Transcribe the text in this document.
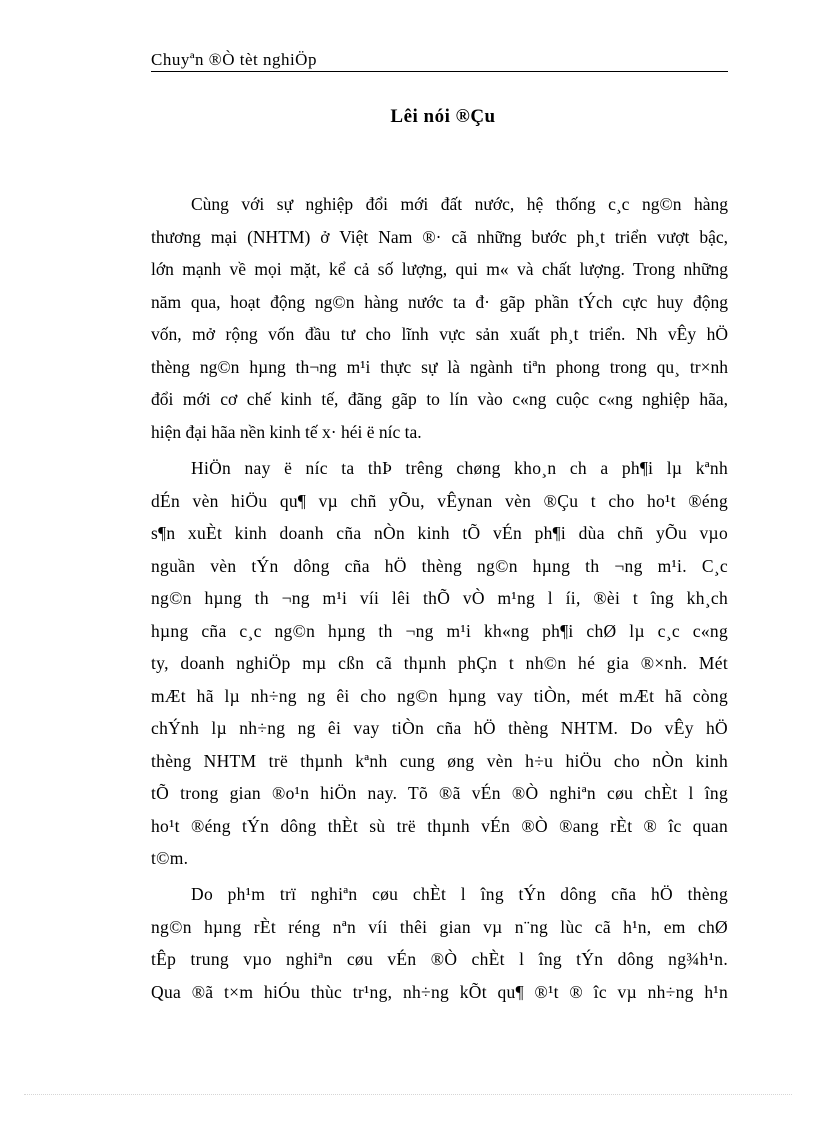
Chuyªn ®Ò tèt nghiÖp
Lêi nói ®Çu
Cùng với sự nghiệp đổi mới đất nước, hệ thống c¸c ng©n hàng
thương mại (NHTM) ở Việt Nam ®· cã những bước ph¸t triển vượt bậc,
lớn mạnh về mọi mặt, kể cả số lượng, qui m« và chất lượng. Trong những
năm qua, hoạt động ng©n hàng nước ta đ· gãp phần tÝch cực huy động
vốn, mở rộng vốn đầu tư cho lĩnh vực sản xuất ph¸t triển. Nh vÊy hÖ
thèng ng©n hµng th¬ng m¹i thực sự là ngành tiªn phong trong qu¸ tr×nh
đổi mới cơ chế kinh tế, đãng gãp to lín vào c«ng cuộc c«ng nghiệp hãa,
hiện đại hãa nền kinh tế x· héi ë níc ta.
HiÖn nay ë níc ta thÞ trêng chøng kho¸n ch a ph¶i lµ kªnh
dÉn vèn hiÖu qu¶ vµ chñ yÕu, vÊynan vèn ®Çu t cho ho¹t ®éng
s¶n xuÈt kinh doanh cña nÒn kinh tÕ vÉn ph¶i dùa chñ yÕu vµo
nguần vèn tÝn dông cña hÖ thèng ng©n hµng th ¬ng m¹i. C¸c
ng©n hµng th ¬ng m¹i víi lêi thÕ vÒ m¹ng l íi, ®èi t îng kh¸ch
hµng cña c¸c ng©n hµng th ¬ng m¹i kh«ng ph¶i chØ lµ c¸c c«ng
ty, doanh nghiÖp mµ cßn cã thµnh phÇn t nh©n hé gia ®×nh. Mét
mÆt hã lµ nh÷ng ng êi cho ng©n hµng vay tiÒn, mét mÆt hã còng
chÝnh lµ nh÷ng ng êi vay tiÒn cña hÖ thèng NHTM. Do vÊy hÖ
thèng NHTM trë thµnh kªnh cung øng vèn h÷u hiÖu cho nÒn kinh
tÕ trong gian ®o¹n hiÖn nay. Tõ ®ã vÉn ®Ò nghiªn cøu chÈt l îng
ho¹t ®éng tÝn dông thÈt sù trë thµnh vÉn ®Ò ®ang rÈt ® îc quan
t©m.
Do ph¹m trï nghiªn cøu chÈt l îng tÝn dông cña hÖ thèng
ng©n hµng rÈt réng nªn víi thêi gian vµ n¨ng lùc cã h¹n, em chØ
tÊp trung vµo nghiªn cøu vÉn ®Ò chÈt l îng tÝn dông ng¾h¹n.
Qua ®ã t×m hiÓu thùc tr¹ng, nh÷ng kÕt qu¶ ®¹t ® îc vµ nh÷ng h¹n
